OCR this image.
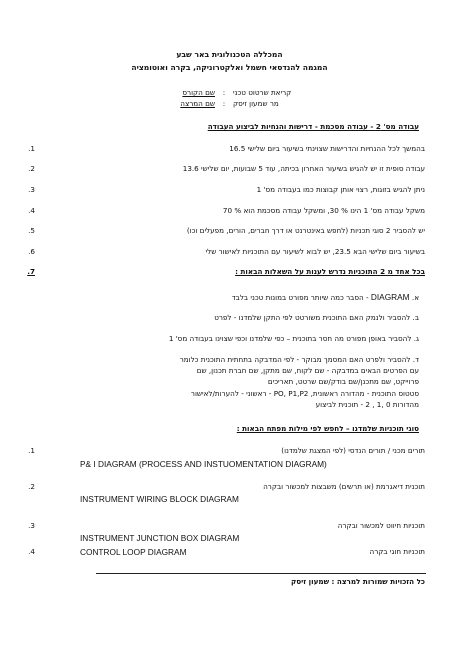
המכללה הטכנולוגית באר שבע
המגמה להנדסאי חשמל ואלקטרוניקה, בקרה ואוטומציה
שם הקורס : קריאת שרטוט טכני
שם המרצה : מר שמעון זיסק
עבודה מס' 2 - עבודה מסכמת - דרישות והנחיות לביצוע העבודה
1.	בהמשך לכל ההנחיות והדרישות שצוינתי בשיעור ביום שלישי 16.5
2.	עבודה סופית זו יש להגיש בשיעור האחרון בכיתה, עוד 5 שבועות, יום שלישי 13.6
3.	ניתן להגיש בזוגות, רצוי אותן קבוצות כמו בעבודה מס' 1
4.	משקל עבודה מס' 1 הינו % 30, ומשקל עבודה מסכמת הוא % 70
5.	יש להסביר 2 סוגי תכניות (לחפש באינטרנט או דרך חברים, הורים, מפעלים וכו)
6.	בשיעור ביום שלישי הבא 23.5, יש לבוא לשיעור עם התוכניות לאישור שלי
7.	בכל אחד מ 2 התוכניות נדרש לענות על השאלות הבאות :
א. DIAGRAM - הסבר כמה שיותר מפורט במונות טכני בלבד
ב. להסביר ולנמק האם התוכנית משורטט לפי התקן שלמדנו - לפרט
ג. להסביר באופן מפורט מה חסר בתוכנית – כפי שלמדנו וכפי שצוינו בעבודה מס' 1
ד. להסביר ולפרט האם המסמך מבוקר - לפי המדבקה בתחתית התוכנית כלומר
עם הפרטים הבאים במדבקה - שם לקוח, שם מתקן, שם חברת תכנון, שם
פרוייקט, שם מתכנן/שם בודק/שם שרטט, תאריכים
סטטוס התוכנית - מהדורה ראשונית, PO, P1,P2 - ראשוני - להערות/לאישור
מהדורות 0 ,1 , 2 - תוכנית לביצוע
סוגי תוכניות שלמדנו – לחפש לפי מילות מפתח הבאות :
1.	תורים מכני / תורים הנדסי (לפי המצגת שלמדנו)
P& I DIAGRAM (PROCESS AND INSTUOMENTATION DIAGRAM)
2.	תוכנית דיאגרמת (או תרשים) משבצות למכשור ובקרה
INSTRUMENT WIRING BLOCK DIAGRAM
3.	תוכניות חיווט למכשור ובקרה
INSTRUMENT JUNCTION BOX DIAGRAM
4.	תוכניות חוגי בקרה
CONTROL LOOP DIAGRAM
כל הזכויות שמורות למרצה : שמעון זיסק
